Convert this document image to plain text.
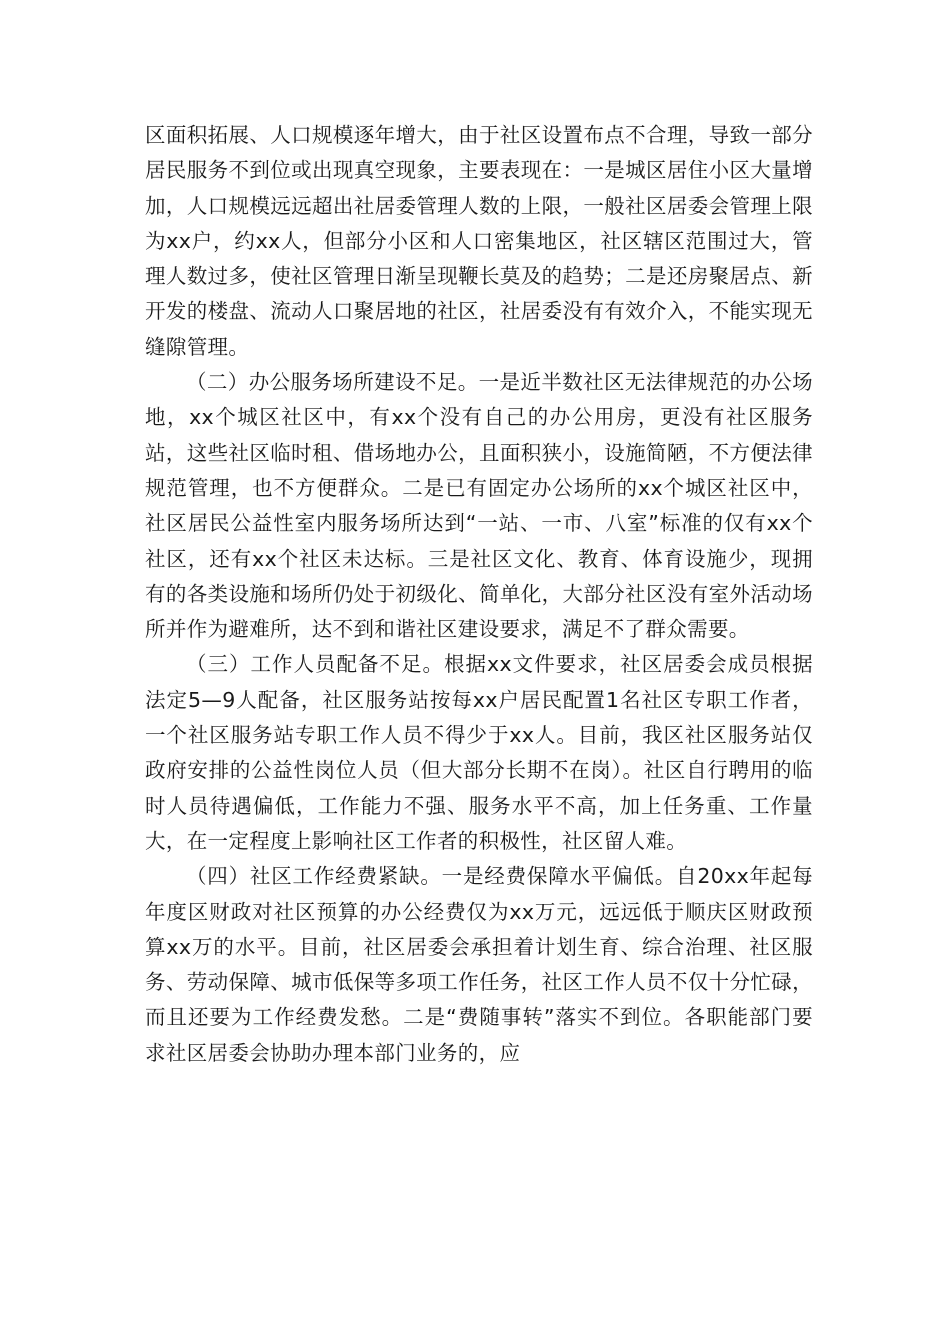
区面积拓展、人口规模逐年增大，由于社区设置布点不合理，导致一部分居民服务不到位或出现真空现象，主要表现在：一是城区居住小区大量增加，人口规模远远超出社居委管理人数的上限，一般社区居委会管理上限为xx户，约xx人，但部分小区和人口密集地区，社区辖区范围过大，管理人数过多，使社区管理日渐呈现鞭长莫及的趋势；二是还房聚居点、新开发的楼盘、流动人口聚居地的社区，社居委没有有效介入，不能实现无缝隙管理。

（二）办公服务场所建设不足。一是近半数社区无法律规范的办公场地，xx个城区社区中，有xx个没有自己的办公用房，更没有社区服务站，这些社区临时租、借场地办公，且面积狭小，设施简陋，不方便法律规范管理，也不方便群众。二是已有固定办公场所的xx个城区社区中，社区居民公益性室内服务场所达到“一站、一市、八室”标准的仅有xx个社区，还有xx个社区未达标。三是社区文化、教育、体育设施少，现拥有的各类设施和场所仍处于初级化、简单化，大部分社区没有室外活动场所并作为避难所，达不到和谐社区建设要求，满足不了群众需要。

（三）工作人员配备不足。根据xx文件要求，社区居委会成员根据法定5—9人配备，社区服务站按每xx户居民配置1名社区专职工作者，一个社区服务站专职工作人员不得少于xx人。目前，我区社区服务站仅政府安排的公益性岗位人员（但大部分长期不在岗）。社区自行聘用的临时人员待遇偏低，工作能力不强、服务水平不高，加上任务重、工作量大，在一定程度上影响社区工作者的积极性，社区留人难。

（四）社区工作经费紧缺。一是经费保障水平偏低。自20xx年起每年度区财政对社区预算的办公经费仅为xx万元，远远低于顺庆区财政预算xx万的水平。目前，社区居委会承担着计划生育、综合治理、社区服务、劳动保障、城市低保等多项工作任务，社区工作人员不仅十分忙碌，而且还要为工作经费发愁。二是“费随事转”落实不到位。各职能部门要求社区居委会协助办理本部门业务的，应
